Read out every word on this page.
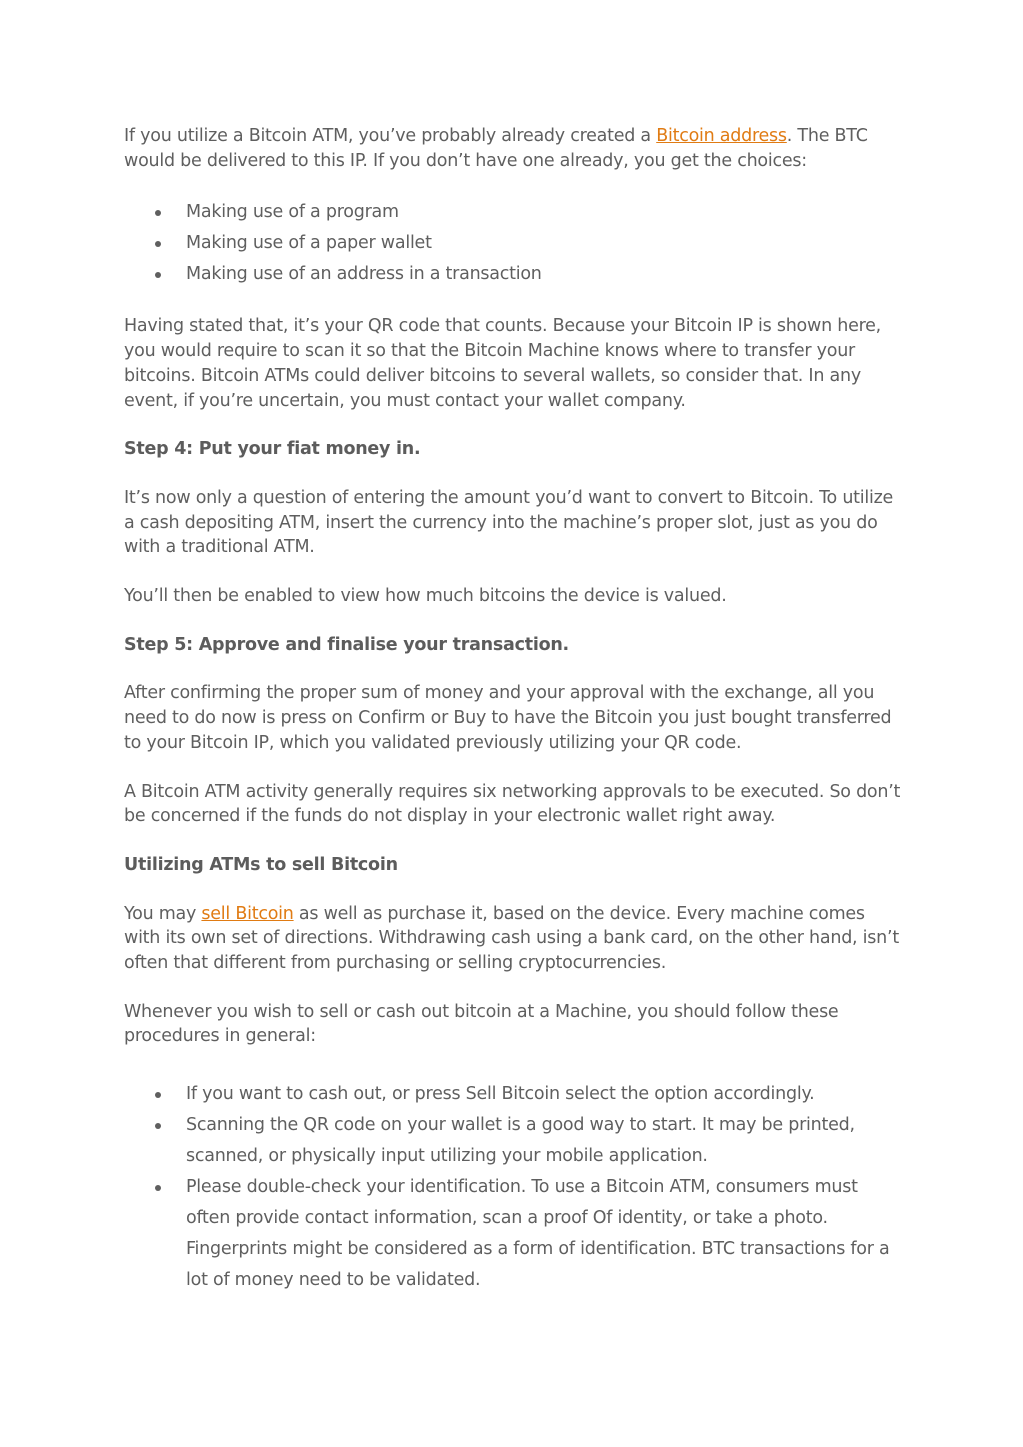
If you utilize a Bitcoin ATM, you’ve probably already created a Bitcoin address. The BTC would be delivered to this IP. If you don’t have one already, you get the choices:

Making use of a program
Making use of a paper wallet
Making use of an address in a transaction

Having stated that, it’s your QR code that counts. Because your Bitcoin IP is shown here, you would require to scan it so that the Bitcoin Machine knows where to transfer your bitcoins. Bitcoin ATMs could deliver bitcoins to several wallets, so consider that. In any event, if you’re uncertain, you must contact your wallet company.

Step 4: Put your fiat money in.

It’s now only a question of entering the amount you’d want to convert to Bitcoin. To utilize a cash depositing ATM, insert the currency into the machine’s proper slot, just as you do with a traditional ATM.

You’ll then be enabled to view how much bitcoins the device is valued.

Step 5: Approve and finalise your transaction.

After confirming the proper sum of money and your approval with the exchange, all you need to do now is press on Confirm or Buy to have the Bitcoin you just bought transferred to your Bitcoin IP, which you validated previously utilizing your QR code.

A Bitcoin ATM activity generally requires six networking approvals to be executed. So don’t be concerned if the funds do not display in your electronic wallet right away.

Utilizing ATMs to sell Bitcoin

You may sell Bitcoin as well as purchase it, based on the device. Every machine comes with its own set of directions. Withdrawing cash using a bank card, on the other hand, isn’t often that different from purchasing or selling cryptocurrencies.

Whenever you wish to sell or cash out bitcoin at a Machine, you should follow these procedures in general:

If you want to cash out, or press Sell Bitcoin select the option accordingly.
Scanning the QR code on your wallet is a good way to start. It may be printed, scanned, or physically input utilizing your mobile application.
Please double-check your identification. To use a Bitcoin ATM, consumers must often provide contact information, scan a proof Of identity, or take a photo. Fingerprints might be considered as a form of identification. BTC transactions for a lot of money need to be validated.
